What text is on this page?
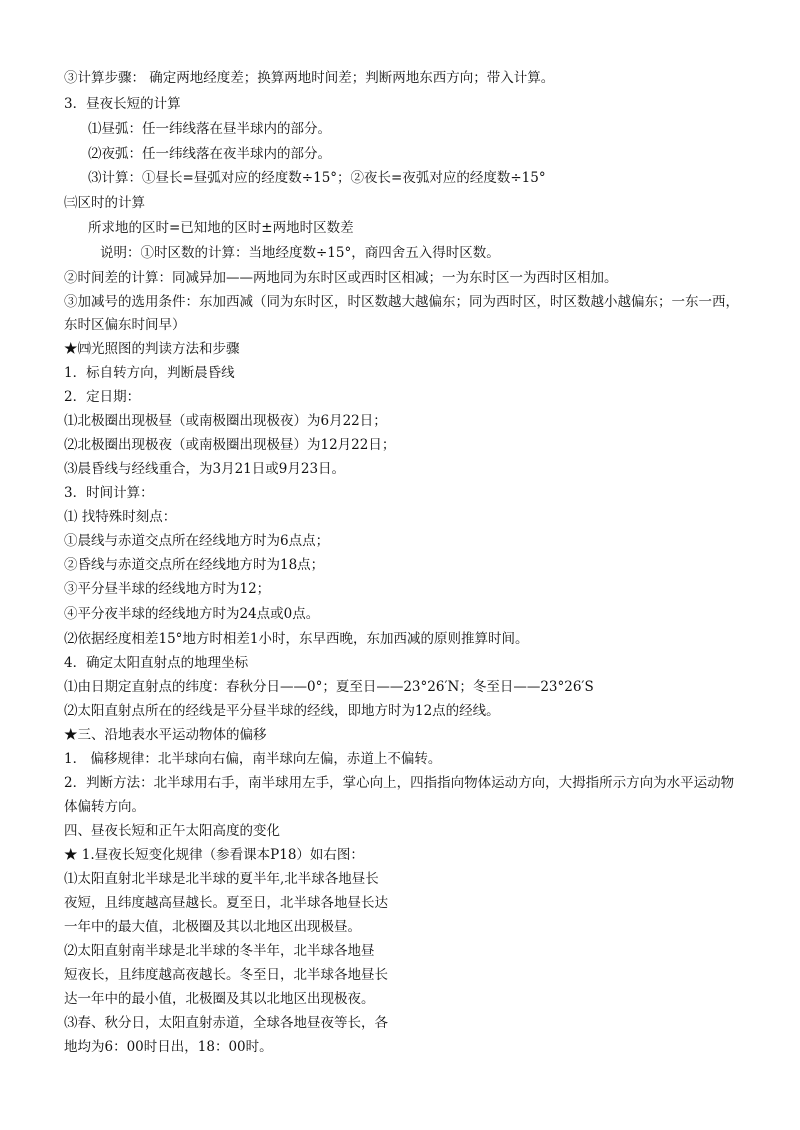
③计算步骤： 确定两地经度差；换算两地时间差；判断两地东西方向；带入计算。
3．昼夜长短的计算
⑴昼弧：任一纬线落在昼半球内的部分。
⑵夜弧：任一纬线落在夜半球内的部分。
⑶计算：①昼长=昼弧对应的经度数÷15°；②夜长=夜弧对应的经度数÷15°
㈢区时的计算
所求地的区时=已知地的区时±两地时区数差
说明：①时区数的计算：当地经度数÷15°，商四舍五入得时区数。
②时间差的计算：同减异加——两地同为东时区或西时区相减；一为东时区一为西时区相加。
③加减号的选用条件：东加西减（同为东时区，时区数越大越偏东；同为西时区，时区数越小越偏东；一东一西，
东时区偏东时间早）
★㈣光照图的判读方法和步骤
1．标自转方向，判断晨昏线
2．定日期：
⑴北极圈出现极昼（或南极圈出现极夜）为6月22日；
⑵北极圈出现极夜（或南极圈出现极昼）为12月22日；
⑶晨昏线与经线重合，为3月21日或9月23日。
3．时间计算：
⑴ 找特殊时刻点：
①晨线与赤道交点所在经线地方时为6点点；
②昏线与赤道交点所在经线地方时为18点；
③平分昼半球的经线地方时为12；
④平分夜半球的经线地方时为24点或0点。
⑵依据经度相差15°地方时相差1小时，东早西晚，东加西减的原则推算时间。
4．确定太阳直射点的地理坐标
⑴由日期定直射点的纬度：春秋分日——0°；夏至日——23°26′N；冬至日——23°26′S
⑵太阳直射点所在的经线是平分昼半球的经线，即地方时为12点的经线。
★三、沿地表水平运动物体的偏移
1． 偏移规律：北半球向右偏，南半球向左偏，赤道上不偏转。
2．判断方法：北半球用右手，南半球用左手，掌心向上，四指指向物体运动方向，大拇指所示方向为水平运动物
体偏转方向。
四、昼夜长短和正午太阳高度的变化
★ 1.昼夜长短变化规律（参看课本P18）如右图：
⑴太阳直射北半球是北半球的夏半年,北半球各地昼长
夜短，且纬度越高昼越长。夏至日，北半球各地昼长达
一年中的最大值，北极圈及其以北地区出现极昼。
⑵太阳直射南半球是北半球的冬半年，北半球各地昼
短夜长，且纬度越高夜越长。冬至日，北半球各地昼长
达一年中的最小值，北极圈及其以北地区出现极夜。
⑶春、秋分日，太阳直射赤道，全球各地昼夜等长，各
地均为6：00时日出，18：00时。
